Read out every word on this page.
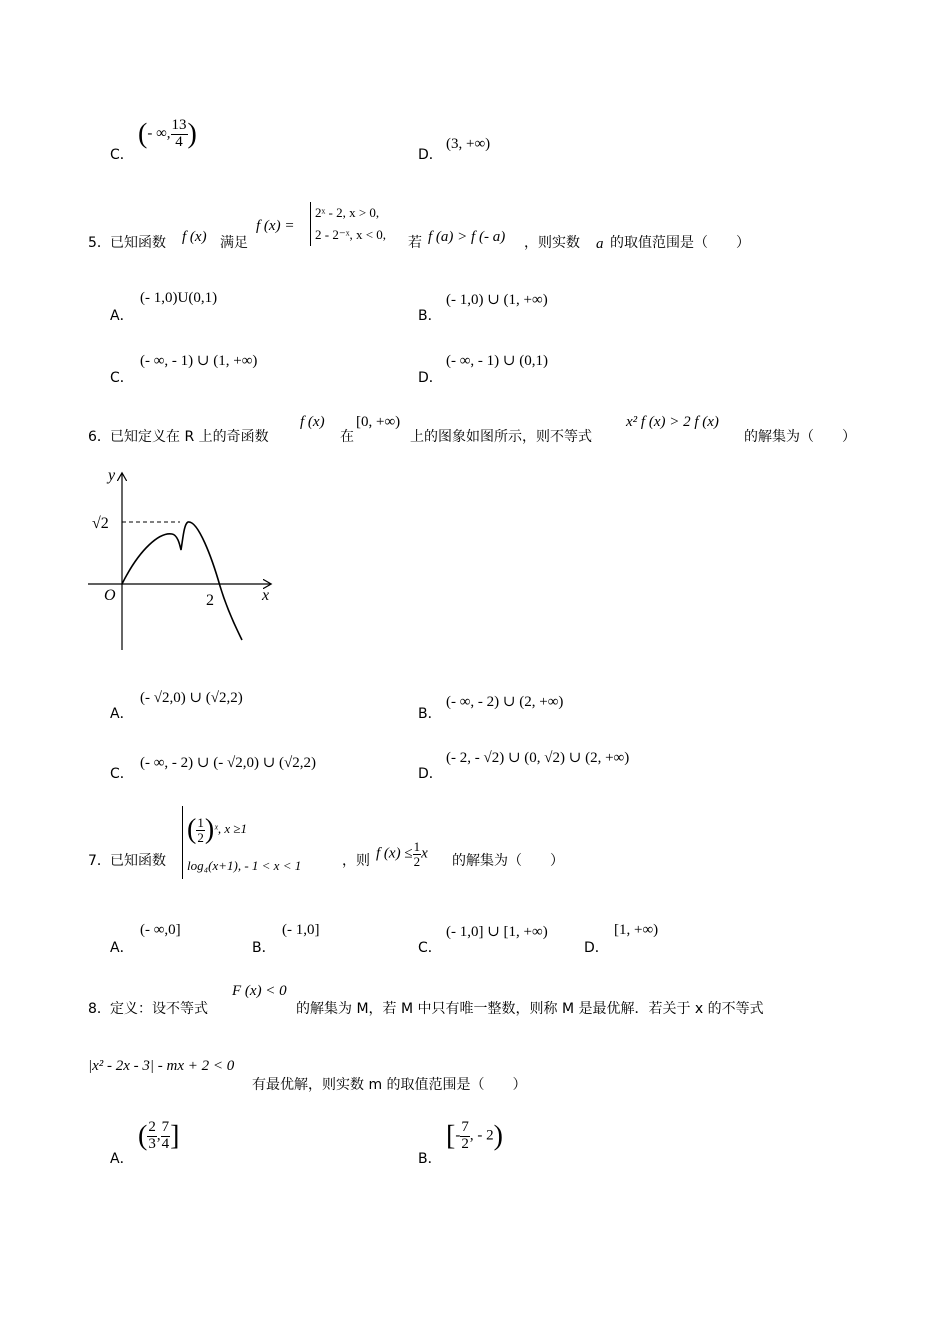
C．
(- ∞, $\frac{13}{4}$ )
D．
(3, +∞)
5． 已知函数 f (x) 满足
f (x) =
2ˣ - 2, x > 0,
2 - 2⁻ˣ, x < 0,
若 f (a) > f (- a) ，则实数 a 的取值范围是（　　）
A．
(- 1,0)U(0,1)
B．
(- 1,0) ∪ (1, +∞)
C．
(- ∞, - 1) ∪ (1, +∞)
D．
(- ∞, - 1) ∪ (0,1)
6． 已知定义在 R 上的奇函数
f (x)
在
[0, +∞)
上的图象如图所示，则不等式
x² f (x) > 2 f (x)
的解集为（　　）
y
x
O	2
√2
A．
(- √2,0) ∪ (√2,2)
B．
(- ∞, - 2) ∪ (2, +∞)
C．
(- ∞, - 2) ∪ (- √2,0) ∪ (√2,2)
D．
(- 2, - √2) ∪ (0, √2) ∪ (2, +∞)
7． 已知函数
( $\frac{1}{2}$ )ˣ, x ≥1
log₄(x+1), - 1 < x < 1	，则 f $(x) \le \frac{1}{2}$ x 的解集为（　　）
A．
(- ∞,0]
B．
(- 1,0]
C．
(- 1,0] ∪ [1, +∞)
D．
[1, +∞)
8． 定义：设不等式
F (x) < 0
的解集为 M，若 M 中只有唯一整数，则称 M 是最优解．若关于 x 的不等式
|x² - 2x - 3| - mx + 2 < 0
有最优解，则实数 m 的取值范围是（　　）
A．
( $\frac{2}{3}$ , $\frac{7}{4}$ ]
B．
[- $\frac{7}{2}$ , - 2)
